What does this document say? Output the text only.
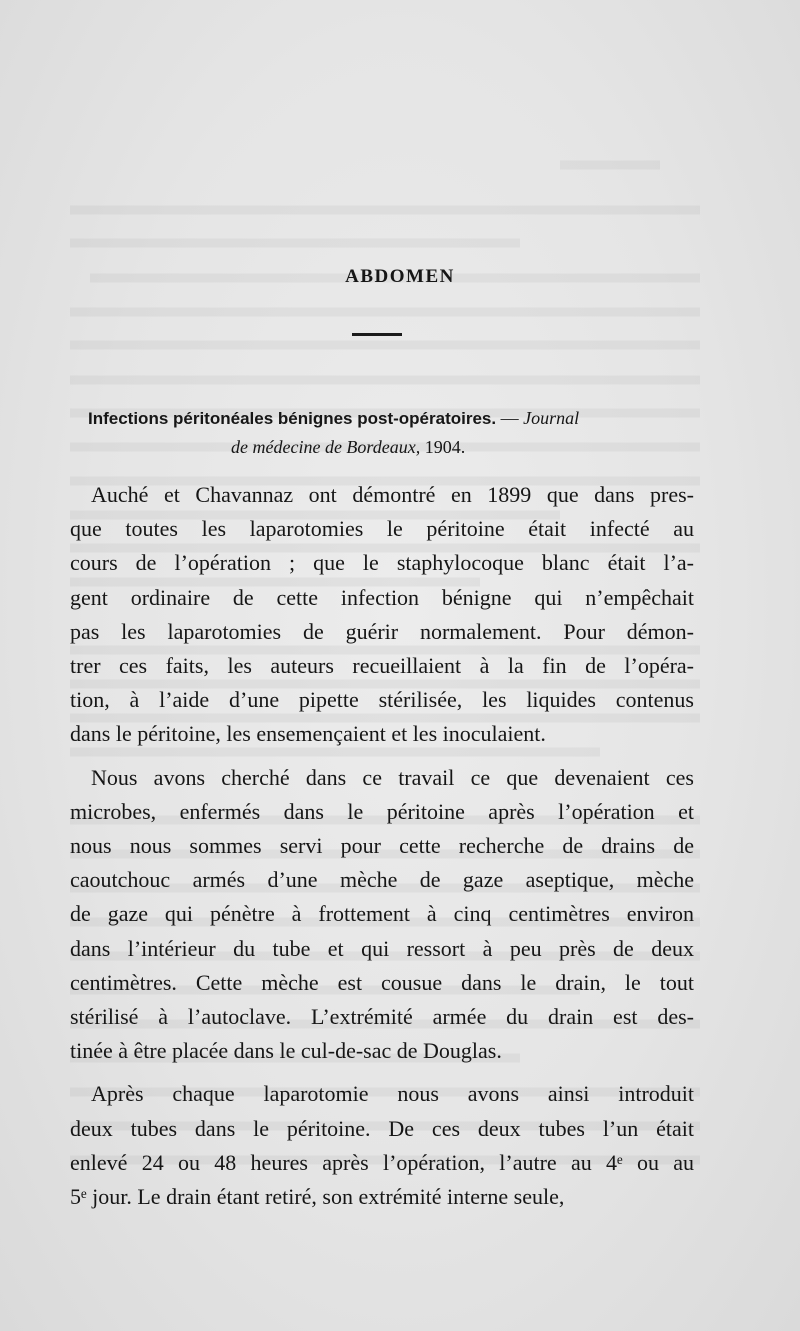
ABDOMEN
Infections péritonéales bénignes post-opératoires. — Journal
de médecine de Bordeaux, 1904.
Auché et Chavannaz ont démontré en 1899 que dans pres-
que toutes les laparotomies le péritoine était infecté au
cours de l’opération ; que le staphylocoque blanc était l’a-
gent ordinaire de cette infection bénigne qui n’empêchait
pas les laparotomies de guérir normalement. Pour démon-
trer ces faits, les auteurs recueillaient à la fin de l’opéra-
tion, à l’aide d’une pipette stérilisée, les liquides contenus
dans le péritoine, les ensemençaient et les inoculaient.
Nous avons cherché dans ce travail ce que devenaient ces
microbes, enfermés dans le péritoine après l’opération et
nous nous sommes servi pour cette recherche de drains de
caoutchouc armés d’une mèche de gaze aseptique, mèche
de gaze qui pénètre à frottement à cinq centimètres environ
dans l’intérieur du tube et qui ressort à peu près de deux
centimètres. Cette mèche est cousue dans le drain, le tout
stérilisé à l’autoclave. L’extrémité armée du drain est des-
tinée à être placée dans le cul-de-sac de Douglas.
Après chaque laparotomie nous avons ainsi introduit
deux tubes dans le péritoine. De ces deux tubes l’un était
enlevé 24 ou 48 heures après l’opération, l’autre au 4ᵉ ou au
5ᵉ jour. Le drain étant retiré, son extrémité interne seule,
